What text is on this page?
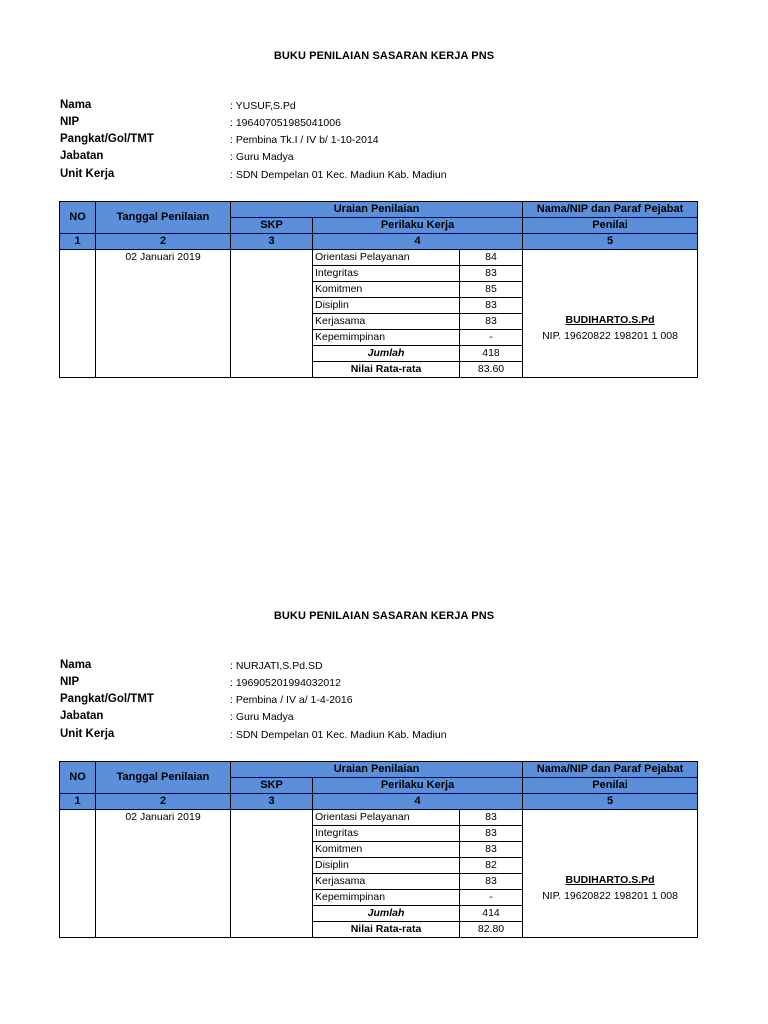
BUKU PENILAIAN SASARAN KERJA PNS
Nama	: YUSUF,S.Pd
NIP	: 196407051985041006
Pangkat/Gol/TMT	: Pembina Tk.I / IV b/ 1-10-2014
Jabatan	: Guru Madya
Unit Kerja	: SDN Dempelan 01 Kec. Madiun Kab. Madiun
NO	Tanggal Penilaian	Uraian Penilaian			Nama/NIP dan Paraf Pejabat
		SKP	Perilaku Kerja		Penilai
1	2	3	4		5
	02 Januari 2019		Orientasi Pelayanan	84	BUDIHARTO.S.Pd
NIP. 19620822 198201 1 008

			Integritas	83	
			Komitmen	85	
			Disiplin	83	
			Kerjasama	83	
			Kepemimpinan	-	
			Jumlah	418	
			Nilai Rata-rata	83.60	
BUKU PENILAIAN SASARAN KERJA PNS
Nama	: NURJATI,S.Pd.SD
NIP	: 196905201994032012
Pangkat/Gol/TMT	: Pembina / IV a/ 1-4-2016
Jabatan	: Guru Madya
Unit Kerja	: SDN Dempelan 01 Kec. Madiun Kab. Madiun
NO	Tanggal Penilaian	Uraian Penilaian			Nama/NIP dan Paraf Pejabat
		SKP	Perilaku Kerja		Penilai
1	2	3	4		5
	02 Januari 2019		Orientasi Pelayanan	83	BUDIHARTO.S.Pd
NIP. 19620822 198201 1 008

			Integritas	83	
			Komitmen	83	
			Disiplin	82	
			Kerjasama	83	
			Kepemimpinan	-	
			Jumlah	414	
			Nilai Rata-rata	82.80	
